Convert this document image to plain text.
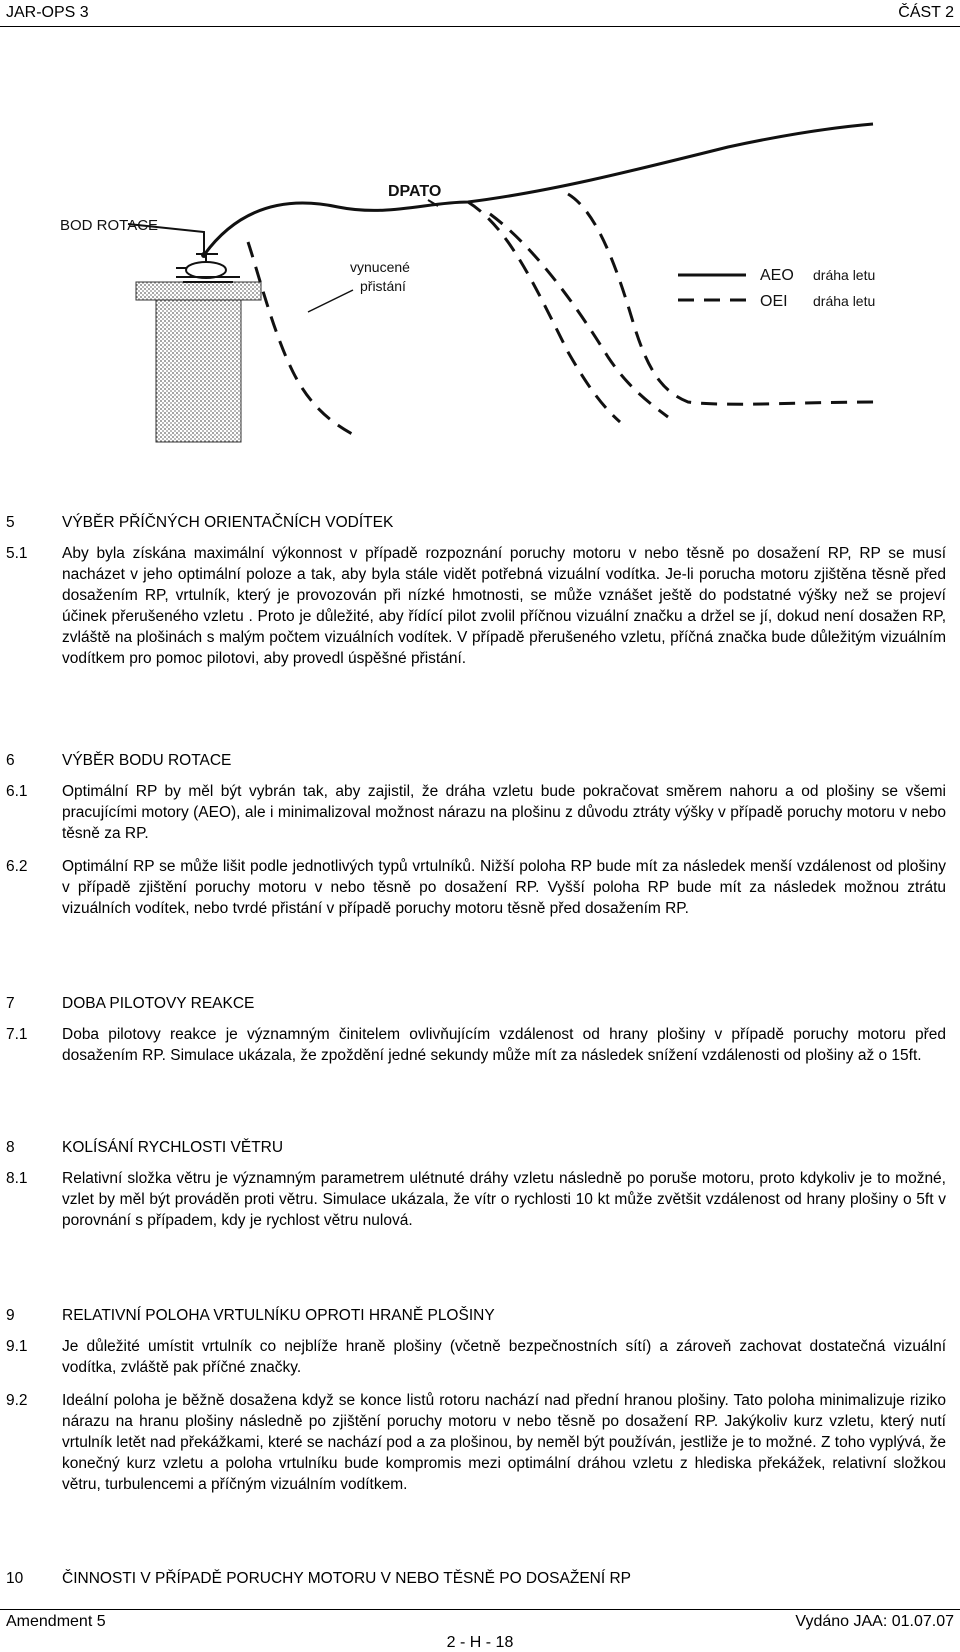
JAR-OPS 3	ČÁST 2
BOD ROTACE
DPATO
vynucené
přistání
AEO dráha letu
OEI dráha letu
5	VÝBĚR PŘÍČNÝCH ORIENTAČNÍCH VODÍTEK
5.1	Aby byla získána maximální výkonnost v případě rozpoznání poruchy motoru v nebo těsně po dosažení RP, RP se musí nacházet v jeho optimální poloze a tak, aby byla stále vidět potřebná vizuální vodítka. Je-li porucha motoru zjištěna těsně před dosažením RP, vrtulník, který je provozován při nízké hmotnosti, se může vznášet ještě do podstatné výšky než se projeví účinek přerušeného vzletu . Proto je důležité, aby řídící pilot zvolil příčnou vizuální značku a držel se jí, dokud není dosažen RP, zvláště na plošinách s malým počtem vizuálních vodítek. V případě přerušeného vzletu, příčná značka bude důležitým vizuálním vodítkem pro pomoc pilotovi, aby provedl úspěšné přistání.
6	VÝBĚR BODU ROTACE
6.1	Optimální RP by měl být vybrán tak, aby zajistil, že dráha vzletu bude pokračovat směrem nahoru a od plošiny se všemi pracujícími motory (AEO), ale i minimalizoval možnost nárazu na plošinu z důvodu ztráty výšky v případě poruchy motoru v nebo těsně za RP.
6.2	Optimální RP se může lišit podle jednotlivých typů vrtulníků. Nižší poloha RP bude mít za následek menší vzdálenost od plošiny v případě zjištění poruchy motoru v nebo těsně po dosažení RP. Vyšší poloha RP bude mít za následek možnou ztrátu vizuálních vodítek, nebo tvrdé přistání v případě poruchy motoru těsně před dosažením RP.
7	DOBA PILOTOVY REAKCE
7.1	Doba pilotovy reakce je významným činitelem ovlivňujícím vzdálenost od hrany plošiny v případě poruchy motoru před dosažením RP. Simulace ukázala, že zpoždění jedné sekundy může mít za následek snížení vzdálenosti od plošiny až o 15ft.
8	KOLÍSÁNÍ RYCHLOSTI VĚTRU
8.1	Relativní složka větru je významným parametrem ulétnuté dráhy vzletu následně po poruše motoru, proto kdykoliv je to možné, vzlet by měl být prováděn proti větru. Simulace ukázala, že vítr o rychlosti 10 kt může zvětšit vzdálenost od hrany plošiny o 5ft v porovnání s případem, kdy je rychlost větru nulová.
9	RELATIVNÍ POLOHA VRTULNÍKU OPROTI HRANĚ PLOŠINY
9.1	Je důležité umístit vrtulník co nejblíže hraně plošiny (včetně bezpečnostních sítí) a zároveň zachovat dostatečná vizuální vodítka, zvláště pak příčné značky.
9.2	Ideální poloha je běžně dosažena když se konce listů rotoru nachází nad přední hranou plošiny. Tato poloha minimalizuje riziko nárazu na hranu plošiny následně po zjištění poruchy motoru v nebo těsně po dosažení RP. Jakýkoliv kurz vzletu, který nutí vrtulník letět nad překážkami, které se nachází pod a za plošinou, by neměl být používán, jestliže je to možné. Z toho vyplývá, že konečný kurz vzletu a poloha vrtulníku bude kompromis mezi optimální dráhou vzletu z hlediska překážek, relativní složkou větru, turbulencemi a příčným vizuálním vodítkem.
10	ČINNOSTI V PŘÍPADĚ PORUCHY MOTORU V NEBO TĚSNĚ PO DOSAŽENÍ RP
Amendment 5	Vydáno JAA: 01.07.07
2 - H - 18
